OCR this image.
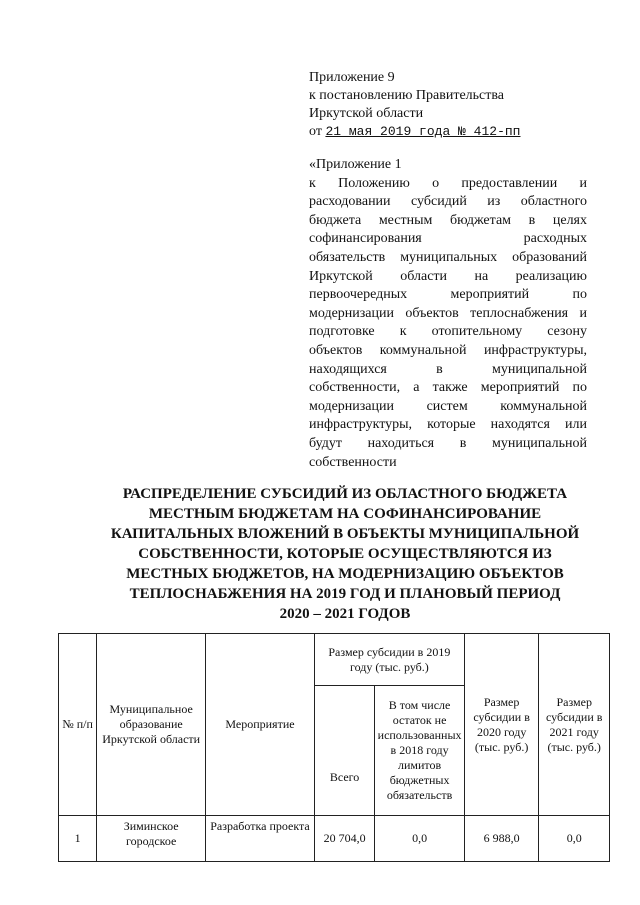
Приложение 9
к постановлению Правительства
Иркутской области
от 21 мая 2019 года № 412-пп
«Приложение 1
к Положению о предоставлении и
расходовании субсидий из областного
бюджета местным бюджетам в целях
софинансирования расходных
обязательств муниципальных образований
Иркутской области на реализацию
первоочередных мероприятий по
модернизации объектов теплоснабжения и
подготовке к отопительному сезону
объектов коммунальной инфраструктуры,
находящихся в муниципальной
собственности, а также мероприятий по
модернизации систем коммунальной
инфраструктуры, которые находятся или
будут находиться в муниципальной
собственности
РАСПРЕДЕЛЕНИЕ СУБСИДИЙ ИЗ ОБЛАСТНОГО БЮДЖЕТА
МЕСТНЫМ БЮДЖЕТАМ НА СОФИНАНСИРОВАНИЕ
КАПИТАЛЬНЫХ ВЛОЖЕНИЙ В ОБЪЕКТЫ МУНИЦИПАЛЬНОЙ
СОБСТВЕННОСТИ, КОТОРЫЕ ОСУЩЕСТВЛЯЮТСЯ ИЗ
МЕСТНЫХ БЮДЖЕТОВ, НА МОДЕРНИЗАЦИЮ ОБЪЕКТОВ
ТЕПЛОСНАБЖЕНИЯ НА 2019 ГОД И ПЛАНОВЫЙ ПЕРИОД
2020 – 2021 ГОДОВ
№ п/п	Муниципальное образование Иркутской области	Мероприятие	Размер субсидии в 2019 году (тыс. руб.)		Размер субсидии в 2020 году (тыс. руб.)	Размер субсидии в 2021 году (тыс. руб.)
			Всего	В том числе остаток не использованных в 2018 году лимитов бюджетных обязательств		
1	Зиминское городское	Разработка проекта	20 704,0	0,0	6 988,0	0,0
